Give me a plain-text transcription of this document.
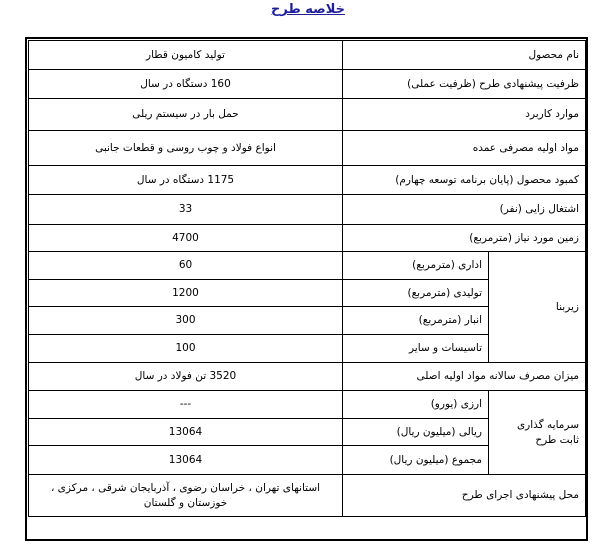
خلاصه طرح
نام محصول		تولید کامیون قطار
ظرفیت پیشنهادی طرح (ظرفیت عملی)		160 دستگاه در سال
موارد کاربرد		حمل بار در سیستم ریلی
مواد اولیه مصرفی عمده		انواع فولاد و چوب روسی و قطعات جانبی
کمبود محصول (پایان برنامه توسعه چهارم)		1175 دستگاه در سال
اشتغال زایی (نفر)		33
زمین مورد نیاز (مترمربع)		4700
زیربنا	اداری (مترمربع)	60
	تولیدی (مترمربع)	1200
	انبار (مترمربع)	300
	تاسیسات و سایر	100
میزان مصرف سالانه مواد اولیه اصلی		3520 تن فولاد در سال

سرمایه گذاری
ثابت طرح	ارزی (یورو)	---
	ریالی (میلیون ریال)	13064
	مجموع (میلیون ریال)	13064
محل پیشنهادی اجرای طرح		استانهای تهران ، خراسان رضوی ، آذربایجان شرقی ، مرکزی ،
خوزستان و گلستان
